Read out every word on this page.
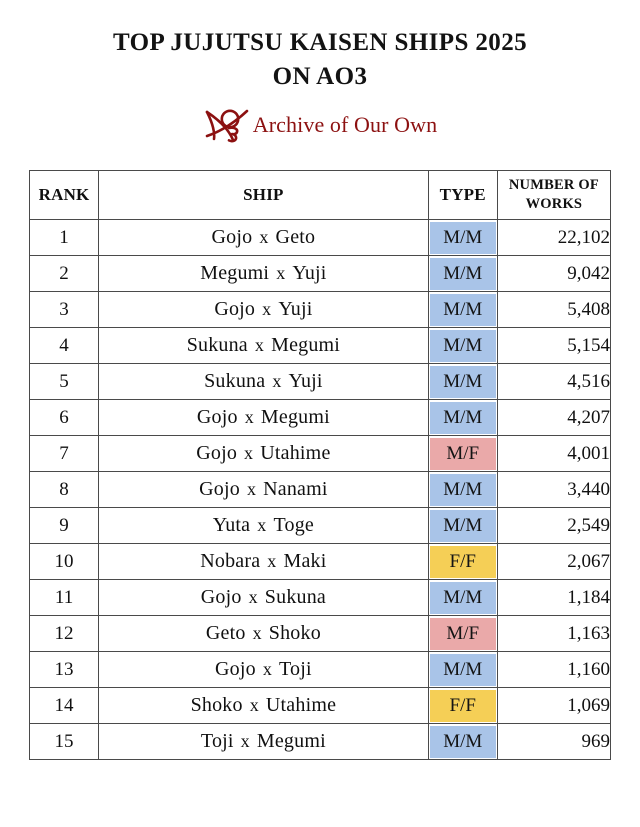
TOP JUJUTSU KAISEN SHIPS 2025
ON AO3
Archive of Our Own
RANK	SHIP	TYPE	NUMBER OF
WORKS

1	Gojo x Geto	M/M	22,102
2	Megumi x Yuji	M/M	9,042
3	Gojo x Yuji	M/M	5,408
4	Sukuna x Megumi	M/M	5,154
5	Sukuna x Yuji	M/M	4,516
6	Gojo x Megumi	M/M	4,207
7	Gojo x Utahime	M/F	4,001
8	Gojo x Nanami	M/M	3,440
9	Yuta x Toge	M/M	2,549
10	Nobara x Maki	F/F	2,067
11	Gojo x Sukuna	M/M	1,184
12	Geto x Shoko	M/F	1,163
13	Gojo x Toji	M/M	1,160
14	Shoko x Utahime	F/F	1,069
15	Toji x Megumi	M/M	969
